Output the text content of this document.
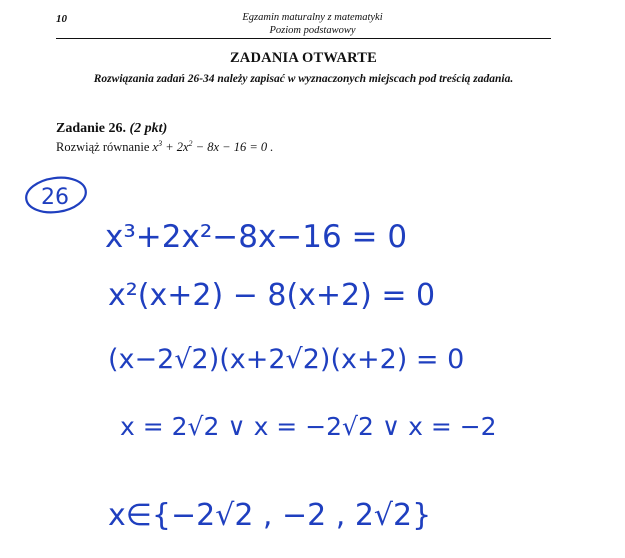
10	Egzamin maturalny z matematyki
Poziom podstawowy
ZADANIA OTWARTE
Rozwiązania zadań 26-34 należy zapisać w wyznaczonych miejscach pod treścią zadania.
Zadanie 26. (2 pkt)
Rozwiąż równanie $x^3 + 2x^2 - 8x - 16 = 0$ .
26
x³+2x²−8x−16 = 0
x²(x+2) − 8(x+2) = 0
(x−2√2)(x+2√2)(x+2) = 0
x = 2√2 ∨ x = −2√2 ∨ x = −2
x∈{−2√2 , −2 , 2√2}
